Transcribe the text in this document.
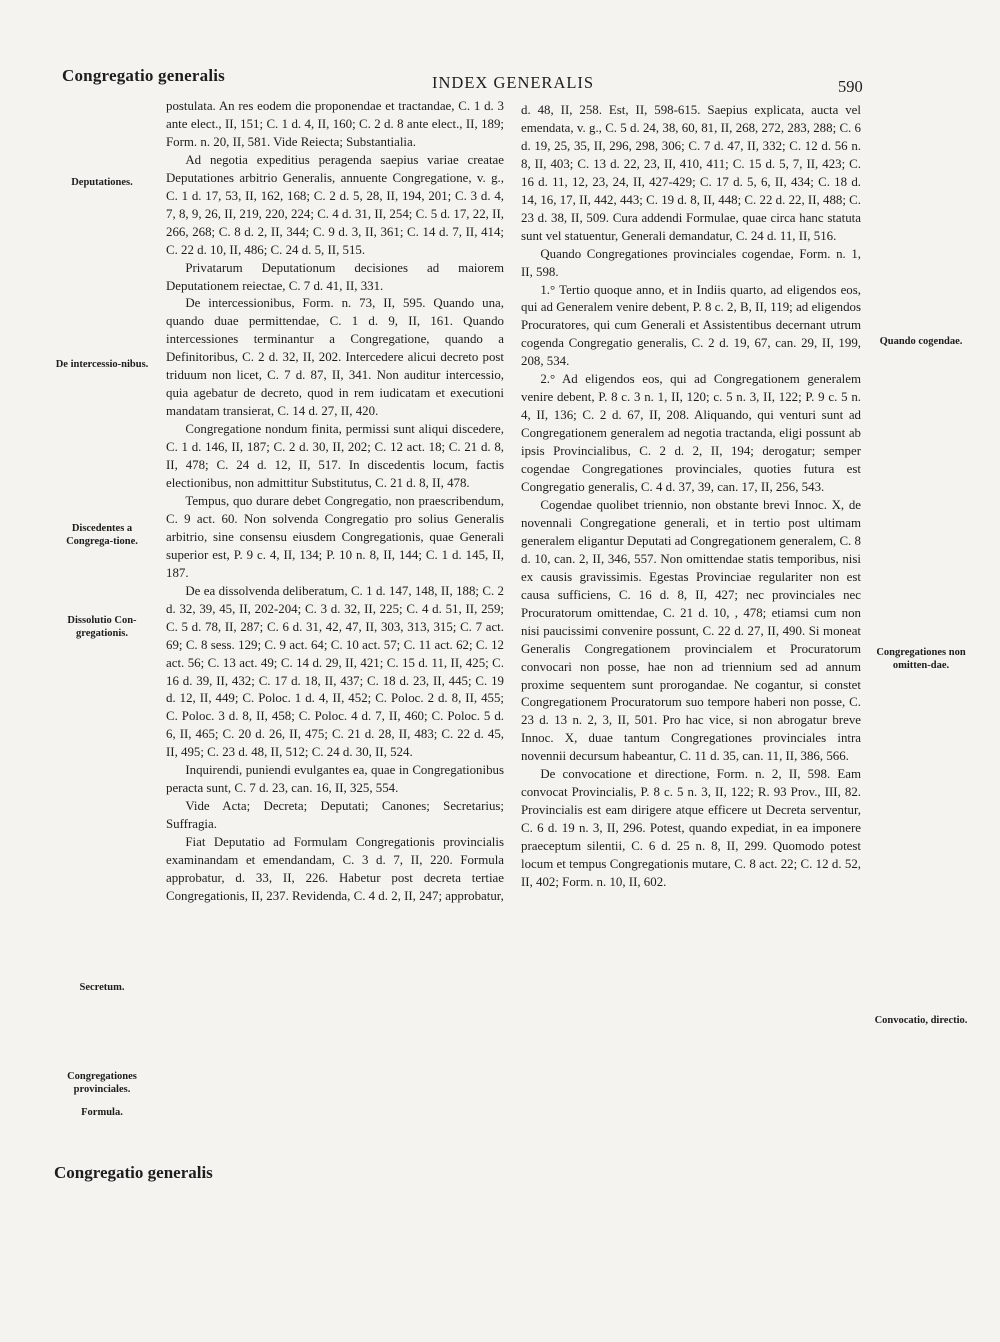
Congregatio generalis	INDEX GENERALIS	590
Deputationes.
De intercessio-nibus.
Discedentes a Congrega-tione.
Dissolutio Con-gregationis.
Secretum.
Congregationes provinciales.
Formula.

postulata. An res eodem die proponendae et tractandae, C. 1 d. 3 ante elect., II, 151; C. 1 d. 4, II, 160; C. 2 d. 8 ante elect., II, 189; Form. n. 20, II, 581. Vide Reiecta; Substantialia.

Ad negotia expeditius peragenda saepius variae creatae Deputationes arbitrio Generalis, annuente Congregatione, v. g., C. 1 d. 17, 53, II, 162, 168; C. 2 d. 5, 28, II, 194, 201; C. 3 d. 4, 7, 8, 9, 26, II, 219, 220, 224; C. 4 d. 31, II, 254; C. 5 d. 17, 22, II, 266, 268; C. 8 d. 2, II, 344; C. 9 d. 3, II, 361; C. 14 d. 7, II, 414; C. 22 d. 10, II, 486; C. 24 d. 5, II, 515.

Privatarum Deputationum decisiones ad maiorem Deputationem reiectae, C. 7 d. 41, II, 331.

De intercessionibus, Form. n. 73, II, 595. Quando una, quando duae permittendae, C. 1 d. 9, II, 161. Quando intercessiones terminantur a Congregatione, quando a Definitoribus, C. 2 d. 32, II, 202. Intercedere alicui decreto post triduum non licet, C. 7 d. 87, II, 341. Non auditur intercessio, quia agebatur de decreto, quod in rem iudicatam et executioni mandatam transierat, C. 14 d. 27, II, 420.

Congregatione nondum finita, permissi sunt aliqui discedere, C. 1 d. 146, II, 187; C. 2 d. 30, II, 202; C. 12 act. 18; C. 21 d. 8, II, 478; C. 24 d. 12, II, 517. In discedentis locum, factis electionibus, non admittitur Substitutus, C. 21 d. 8, II, 478.

Tempus, quo durare debet Congregatio, non praescribendum, C. 9 act. 60. Non solvenda Congregatio pro solius Generalis arbitrio, sine consensu eiusdem Congregationis, quae Generali superior est, P. 9 c. 4, II, 134; P. 10 n. 8, II, 144; C. 1 d. 145, II, 187.

De ea dissolvenda deliberatum, C. 1 d. 147, 148, II, 188; C. 2 d. 32, 39, 45, II, 202-204; C. 3 d. 32, II, 225; C. 4 d. 51, II, 259; C. 5 d. 78, II, 287; C. 6 d. 31, 42, 47, II, 303, 313, 315; C. 7 act. 69; C. 8 sess. 129; C. 9 act. 64; C. 10 act. 57; C. 11 act. 62; C. 12 act. 56; C. 13 act. 49; C. 14 d. 29, II, 421; C. 15 d. 11, II, 425; C. 16 d. 39, II, 432; C. 17 d. 18, II, 437; C. 18 d. 23, II, 445; C. 19 d. 12, II, 449; C. Poloc. 1 d. 4, II, 452; C. Poloc. 2 d. 8, II, 455; C. Poloc. 3 d. 8, II, 458; C. Poloc. 4 d. 7, II, 460; C. Poloc. 5 d. 6, II, 465; C. 20 d. 26, II, 475; C. 21 d. 28, II, 483; C. 22 d. 45, II, 495; C. 23 d. 48, II, 512; C. 24 d. 30, II, 524.

Inquirendi, puniendi evulgantes ea, quae in Congregationibus peracta sunt, C. 7 d. 23, can. 16, II, 325, 554.

Vide Acta; Decreta; Deputati; Canones; Secretarius; Suffragia.

Fiat Deputatio ad Formulam Congregationis provincialis examinandam et emendandam, C. 3 d. 7, II, 220. Formula approbatur, d. 33, II, 226. Habetur post decreta tertiae Congregationis, II, 237. Revidenda, C. 4 d. 2, II, 247; approbatur,

d. 48, II, 258. Est, II, 598-615. Saepius explicata, aucta vel emendata, v. g., C. 5 d. 24, 38, 60, 81, II, 268, 272, 283, 288; C. 6 d. 19, 25, 35, II, 296, 298, 306; C. 7 d. 47, II, 332; C. 12 d. 56 n. 8, II, 403; C. 13 d. 22, 23, II, 410, 411; C. 15 d. 5, 7, II, 423; C. 16 d. 11, 12, 23, 24, II, 427-429; C. 17 d. 5, 6, II, 434; C. 18 d. 14, 16, 17, II, 442, 443; C. 19 d. 8, II, 448; C. 22 d. 22, II, 488; C. 23 d. 38, II, 509. Cura addendi Formulae, quae circa hanc statuta sunt vel statuentur, Generali demandatur, C. 24 d. 11, II, 516.

Quando Congregationes provinciales cogendae, Form. n. 1, II, 598.

1.° Tertio quoque anno, et in Indiis quarto, ad eligendos eos, qui ad Generalem venire debent, P. 8 c. 2, B, II, 119; ad eligendos Procuratores, qui cum Generali et Assistentibus decernant utrum cogenda Congregatio generalis, C. 2 d. 19, 67, can. 29, II, 199, 208, 534.

2.° Ad eligendos eos, qui ad Congregationem generalem venire debent, P. 8 c. 3 n. 1, II, 120; c. 5 n. 3, II, 122; P. 9 c. 5 n. 4, II, 136; C. 2 d. 67, II, 208. Aliquando, qui venturi sunt ad Congregationem generalem ad negotia tractanda, eligi possunt ab ipsis Provincialibus, C. 2 d. 2, II, 194; derogatur; semper cogendae Congregationes provinciales, quoties futura est Congregatio generalis, C. 4 d. 37, 39, can. 17, II, 256, 543.

Cogendae quolibet triennio, non obstante brevi Innoc. X, de novennali Congregatione generali, et in tertio post ultimam generalem eligantur Deputati ad Congregationem generalem, C. 8 d. 10, can. 2, II, 346, 557. Non omittendae statis temporibus, nisi ex causis gravissimis. Egestas Provinciae regulariter non est causa sufficiens, C. 16 d. 8, II, 427; nec provinciales nec Procuratorum omittendae, C. 21 d. 10, , 478; etiamsi cum non nisi paucissimi convenire possunt, C. 22 d. 27, II, 490. Si moneat Generalis Congregationem provincialem et Procuratorum convocari non posse, hae non ad triennium sed ad annum proxime sequentem sunt prorogandae. Ne cogantur, si constet Congregationem Procuratorum suo tempore haberi non posse, C. 23 d. 13 n. 2, 3, II, 501. Pro hac vice, si non abrogatur breve Innoc. X, duae tantum Congregationes provinciales intra novennii decursum habeantur, C. 11 d. 35, can. 11, II, 386, 566.

De convocatione et directione, Form. n. 2, II, 598. Eam convocat Provincialis, P. 8 c. 5 n. 3, II, 122; R. 93 Prov., III, 82. Provincialis est eam dirigere atque efficere ut Decreta serventur, C. 6 d. 19 n. 3, II, 296. Potest, quando expediat, in ea imponere praeceptum silentii, C. 6 d. 25 n. 8, II, 299. Quomodo potest locum et tempus Congregationis mutare, C. 8 act. 22; C. 12 d. 52, II, 402; Form. n. 10, II, 602.

Quando cogendae.
Congregationes non omitten-dae.
Convocatio, directio.
Congregatio generalis
